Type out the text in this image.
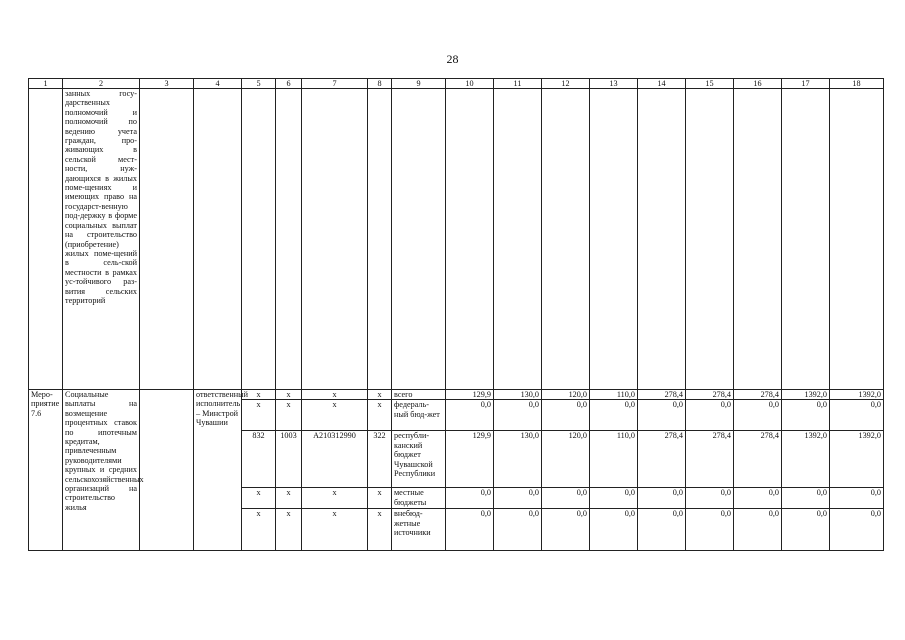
28
1	2	3	4	5	6	7	8	9	10	11	12	13	14	15	16	17	18
	занных госу-дарственных полномочий и полномочий по ведению учета граждан, про-живающих в сельской мест-ности, нуж-дающихся в жилых поме-щениях и имеющих право на государст-венную под-держку в форме социальных выплат на строительство (приобретение) жилых поме-щений в сель-ской местности в рамках ус-тойчивого раз-вития сельских территорий																
Меро-приятие 7.6	Социальные выплаты на возмещение процентных ставок по ипотечным кредитам, привлеченным руководителями крупных и средних сельскохозяйственных организаций на строительство жилья		ответственный исполнитель – Минстрой Чувашии	x	x	x	x	всего	129,9	130,0	120,0	110,0	278,4	278,4	278,4	1392,0	1392,0
				x	x	x	x	федераль-ный бюд-жет	0,0	0,0	0,0	0,0	0,0	0,0	0,0	0,0	0,0
				832	1003	А210312990	322	республи-канский бюджет Чувашской Республики	129,9	130,0	120,0	110,0	278,4	278,4	278,4	1392,0	1392,0
				x	x	x	x	местные бюджеты	0,0	0,0	0,0	0,0	0,0	0,0	0,0	0,0	0,0
				x	x	x	x	внебюд-жетные источники	0,0	0,0	0,0	0,0	0,0	0,0	0,0	0,0	0,0
